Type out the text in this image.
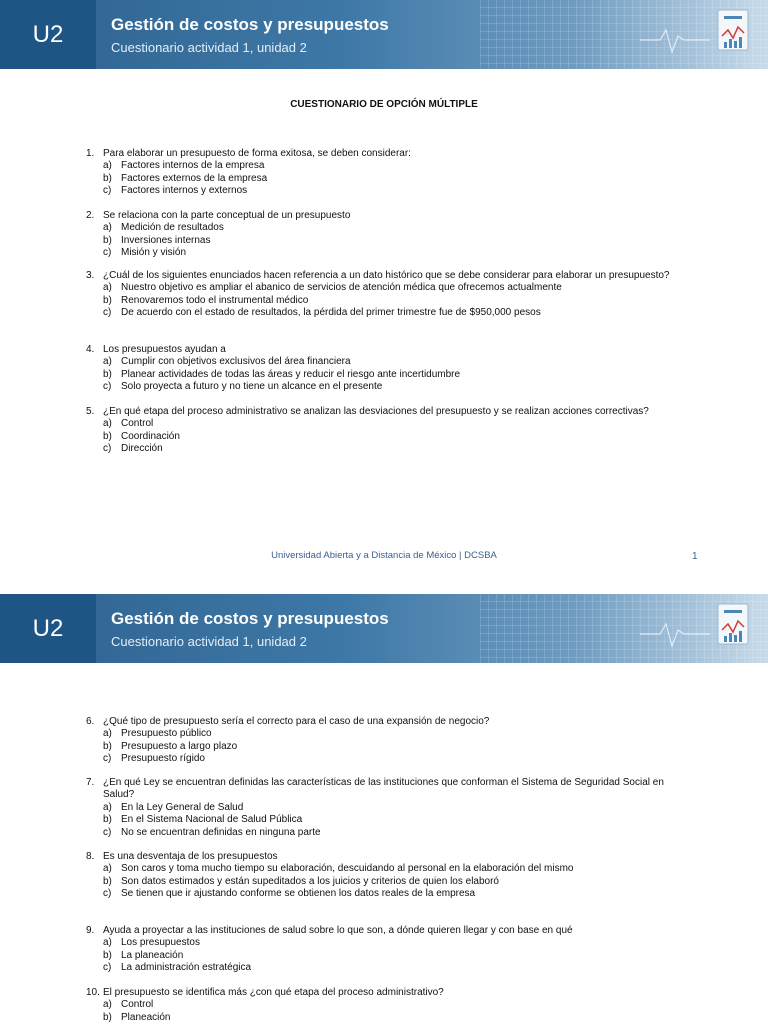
U2	Gestión de costos y presupuestos
Cuestionario actividad 1, unidad 2
CUESTIONARIO DE OPCIÓN MÚLTIPLE
1. Para elaborar un presupuesto de forma exitosa, se deben considerar:
a) Factores internos de la empresa
b) Factores externos de la empresa
c) Factores internos y externos
2. Se relaciona con la parte conceptual de un presupuesto
a) Medición de resultados
b) Inversiones internas
c) Misión y visión
3. ¿Cuál de los siguientes enunciados hacen referencia a un dato histórico que se debe considerar para elaborar un presupuesto?
a) Nuestro objetivo es ampliar el abanico de servicios de atención médica que ofrecemos actualmente
b) Renovaremos todo el instrumental médico
c) De acuerdo con el estado de resultados, la pérdida del primer trimestre fue de $950,000 pesos
4. Los presupuestos ayudan a
a) Cumplir con objetivos exclusivos del área financiera
b) Planear actividades de todas las áreas y reducir el riesgo ante incertidumbre
c) Solo proyecta a futuro y no tiene un alcance en el presente
5. ¿En qué etapa del proceso administrativo se analizan las desviaciones del presupuesto y se realizan acciones correctivas?
a) Control
b) Coordinación
c) Dirección
Universidad Abierta y a Distancia de México | DCSBA	1
U2	Gestión de costos y presupuestos
Cuestionario actividad 1, unidad 2
6. ¿Qué tipo de presupuesto sería el correcto para el caso de una expansión de negocio?
a) Presupuesto público
b) Presupuesto a largo plazo
c) Presupuesto rígido
7. ¿En qué Ley se encuentran definidas las características de las instituciones que conforman el Sistema de Seguridad Social en Salud?
a) En la Ley General de Salud
b) En el Sistema Nacional de Salud Pública
c) No se encuentran definidas en ninguna parte
8. Es una desventaja de los presupuestos
a) Son caros y toma mucho tiempo su elaboración, descuidando al personal en la elaboración del mismo
b) Son datos estimados y están supeditados a los juicios y criterios de quien los elaboró
c) Se tienen que ir ajustando conforme se obtienen los datos reales de la empresa
9. Ayuda a proyectar a las instituciones de salud sobre lo que son, a dónde quieren llegar y con base en qué
a) Los presupuestos
b) La planeación
c) La administración estratégica
10. El presupuesto se identifica más ¿con qué etapa del proceso administrativo?
a) Control
b) Planeación
